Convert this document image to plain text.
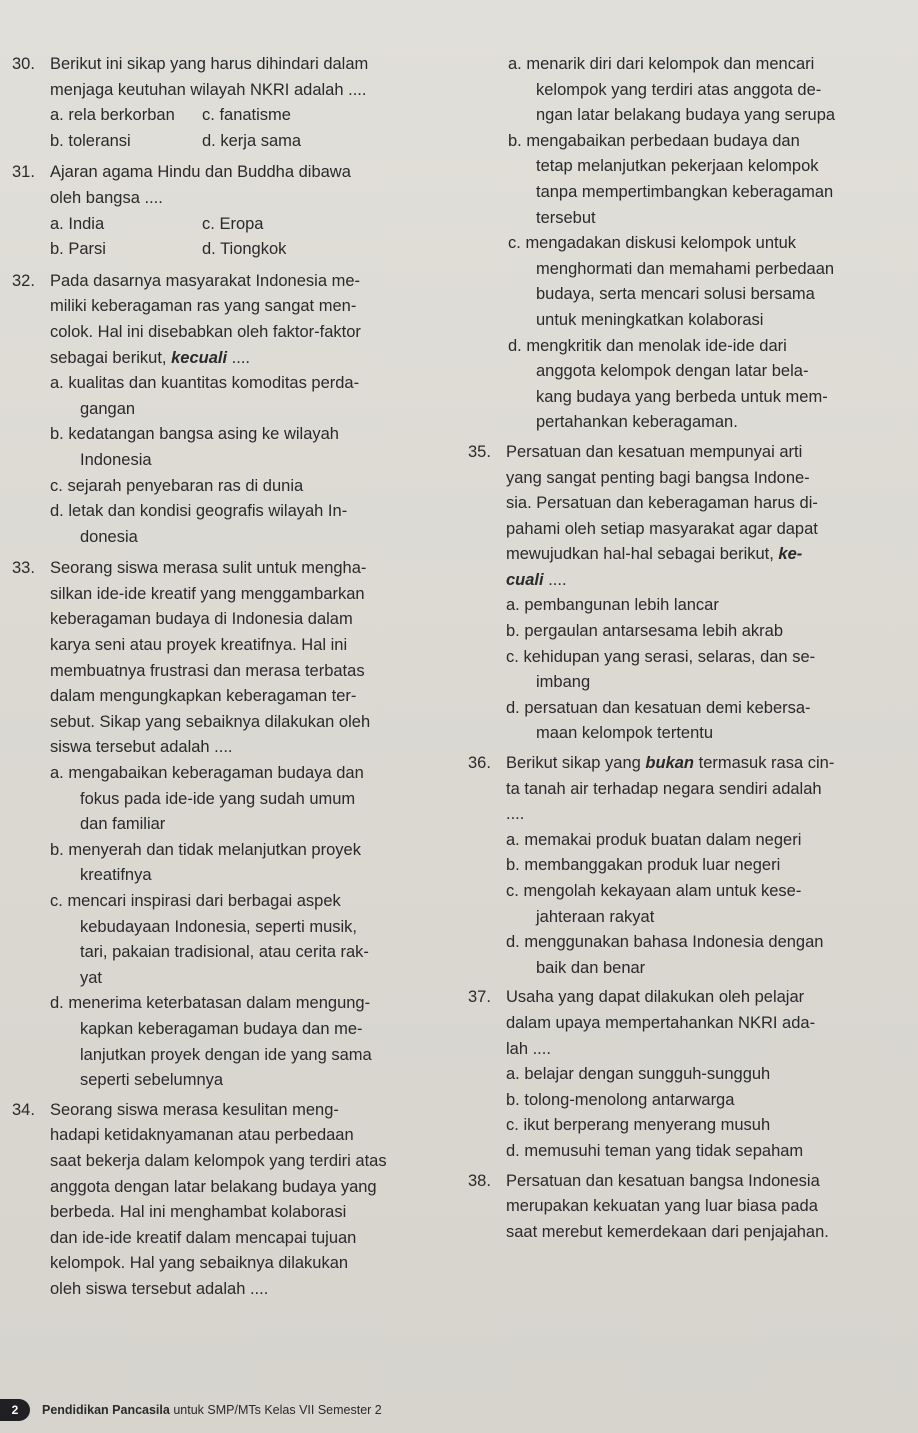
30. Berikut ini sikap yang harus dihindari dalam
menjaga keutuhan wilayah NKRI adalah ....
a. rela berkorban	c. fanatisme
b. toleransi	d. kerja sama
31. Ajaran agama Hindu dan Buddha dibawa
oleh bangsa ....
a. India	c. Eropa
b. Parsi	d. Tiongkok
32. Pada dasarnya masyarakat Indonesia me-
miliki keberagaman ras yang sangat men-
colok. Hal ini disebabkan oleh faktor-faktor
sebagai berikut, kecuali ....
a. kualitas dan kuantitas komoditas perda-
gangan
b. kedatangan bangsa asing ke wilayah
Indonesia
c. sejarah penyebaran ras di dunia
d. letak dan kondisi geografis wilayah In-
donesia
33. Seorang siswa merasa sulit untuk mengha-
silkan ide-ide kreatif yang menggambarkan
keberagaman budaya di Indonesia dalam
karya seni atau proyek kreatifnya. Hal ini
membuatnya frustrasi dan merasa terbatas
dalam mengungkapkan keberagaman ter-
sebut. Sikap yang sebaiknya dilakukan oleh
siswa tersebut adalah ....
a. mengabaikan keberagaman budaya dan
fokus pada ide-ide yang sudah umum
dan familiar
b. menyerah dan tidak melanjutkan proyek
kreatifnya
c. mencari inspirasi dari berbagai aspek
kebudayaan Indonesia, seperti musik,
tari, pakaian tradisional, atau cerita rak-
yat
d. menerima keterbatasan dalam mengung-
kapkan keberagaman budaya dan me-
lanjutkan proyek dengan ide yang sama
seperti sebelumnya
34. Seorang siswa merasa kesulitan meng-
hadapi ketidaknyamanan atau perbedaan
saat bekerja dalam kelompok yang terdiri atas
anggota dengan latar belakang budaya yang
berbeda. Hal ini menghambat kolaborasi
dan ide-ide kreatif dalam mencapai tujuan
kelompok. Hal yang sebaiknya dilakukan
oleh siswa tersebut adalah ....
a. menarik diri dari kelompok dan mencari
kelompok yang terdiri atas anggota de-
ngan latar belakang budaya yang serupa
b. mengabaikan perbedaan budaya dan
tetap melanjutkan pekerjaan kelompok
tanpa mempertimbangkan keberagaman
tersebut
c. mengadakan diskusi kelompok untuk
menghormati dan memahami perbedaan
budaya, serta mencari solusi bersama
untuk meningkatkan kolaborasi
d. mengkritik dan menolak ide-ide dari
anggota kelompok dengan latar bela-
kang budaya yang berbeda untuk mem-
pertahankan keberagaman.
35. Persatuan dan kesatuan mempunyai arti
yang sangat penting bagi bangsa Indone-
sia. Persatuan dan keberagaman harus di-
pahami oleh setiap masyarakat agar dapat
mewujudkan hal-hal sebagai berikut, ke-
cuali ....
a. pembangunan lebih lancar
b. pergaulan antarsesama lebih akrab
c. kehidupan yang serasi, selaras, dan se-
imbang
d. persatuan dan kesatuan demi kebersa-
maan kelompok tertentu
36. Berikut sikap yang bukan termasuk rasa cin-
ta tanah air terhadap negara sendiri adalah
....
a. memakai produk buatan dalam negeri
b. membanggakan produk luar negeri
c. mengolah kekayaan alam untuk kese-
jahteraan rakyat
d. menggunakan bahasa Indonesia dengan
baik dan benar
37. Usaha yang dapat dilakukan oleh pelajar
dalam upaya mempertahankan NKRI ada-
lah ....
a. belajar dengan sungguh-sungguh
b. tolong-menolong antarwarga
c. ikut berperang menyerang musuh
d. memusuhi teman yang tidak sepaham
38. Persatuan dan kesatuan bangsa Indonesia
merupakan kekuatan yang luar biasa pada
saat merebut kemerdekaan dari penjajahan.
2	Pendidikan Pancasila untuk SMP/MTs Kelas VII Semester 2
